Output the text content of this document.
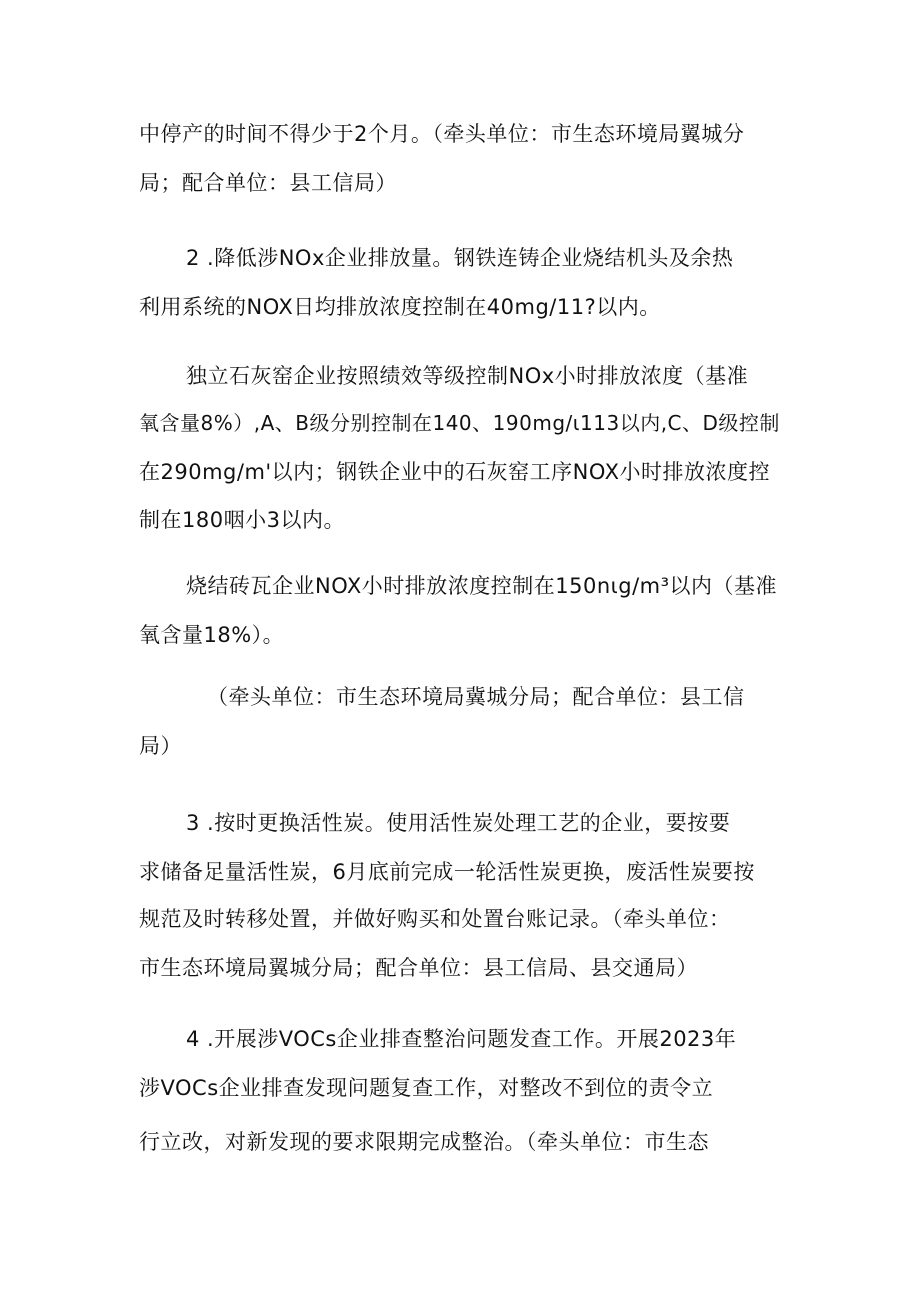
中停产的时间不得少于2个月。（牵头单位：市生态环境局翼城分
局；配合单位：县工信局）
2 .降低涉NOx企业排放量。钢铁连铸企业烧结机头及余热
利用系统的NOX日均排放浓度控制在40mg/11?以内。
独立石灰窑企业按照绩效等级控制NOx小时排放浓度（基准
氧含量8%）,A、B级分别控制在140、190mg/ι113以内,C、D级控制
在290mg/m'以内；钢铁企业中的石灰窑工序NOX小时排放浓度控
制在180咽小3以内。
烧结砖瓦企业NOX小时排放浓度控制在150nιg/m³以内（基准
氧含量18%）。
（牵头单位：市生态环境局冀城分局；配合单位：县工信
局）
3 .按时更换活性炭。使用活性炭处理工艺的企业，要按要
求储备足量活性炭，6月底前完成一轮活性炭更换，废活性炭要按
规范及时转移处置，并做好购买和处置台账记录。（牵头单位：
市生态环境局翼城分局；配合单位：县工信局、县交通局）
4 .开展涉VOCs企业排查整治问题发查工作。开展2023年
涉VOCs企业排查发现问题复查工作，对整改不到位的责令立
行立改，对新发现的要求限期完成整治。（牵头单位：市生态
